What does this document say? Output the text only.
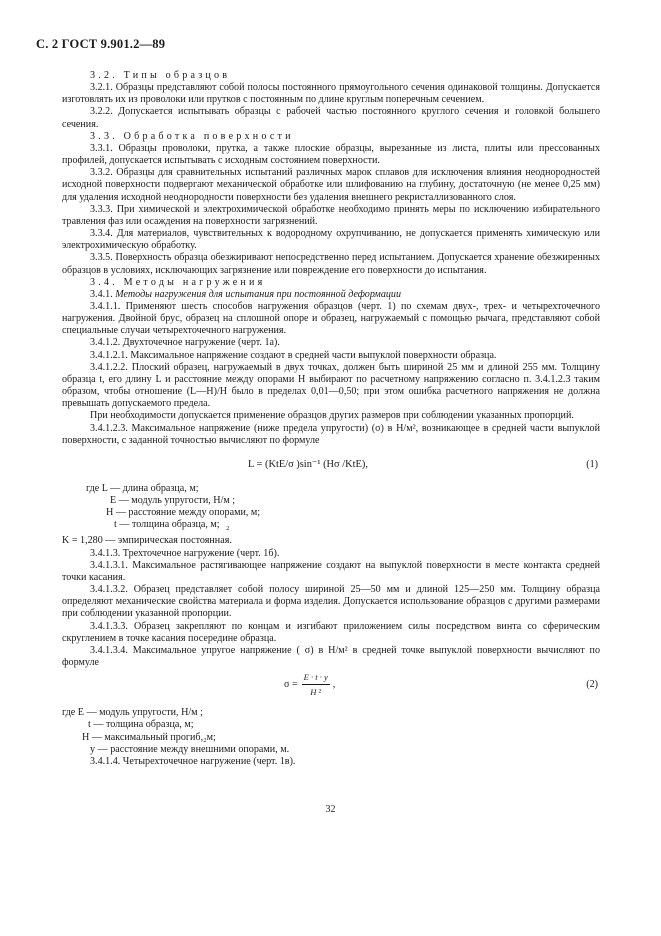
С. 2 ГОСТ 9.901.2—89

3.2. Типы образцов

3.2.1. Образцы представляют собой полосы постоянного прямоугольного сечения одинаковой толщины. Допускается изготовлять их из проволоки или прутков с постоянным по длине круглым поперечным сечением.

3.2.2. Допускается испытывать образцы с рабочей частью постоянного круглого сечения и головкой большего сечения.

3.3. Обработка поверхности

3.3.1. Образцы проволоки, прутка, а также плоские образцы, вырезанные из листа, плиты или прессованных профилей, допускается испытывать с исходным состоянием поверхности.

3.3.2. Образцы для сравнительных испытаний различных марок сплавов для исключения влияния неоднородностей исходной поверхности подвергают механической обработке или шлифованию на глубину, достаточную (не менее 0,25 мм) для удаления исходной неоднородности поверхности без удаления внешнего рекристаллизованного слоя.

3.3.3. При химической и электрохимической обработке необходимо принять меры по исключению избирательного травления фаз или осаждения на поверхности загрязнений.

3.3.4. Для материалов, чувствительных к водородному охрупчиванию, не допускается применять химическую или электрохимическую обработку.

3.3.5. Поверхность образца обезжиривают непосредственно перед испытанием. Допускается хранение обезжиренных образцов в условиях, исключающих загрязнение или повреждение его поверхности до испытания.

3.4. Методы нагружения

3.4.1. Методы нагружения для испытания при постоянной деформации

3.4.1.1. Применяют шесть способов нагружения образцов (черт. 1) по схемам двух-, трех- и четырехточечного нагружения. Двойной брус, образец на сплошной опоре и образец, нагружаемый с помощью рычага, представляют собой специальные случаи четырехточечного нагружения.

3.4.1.2. Двухточечное нагружение (черт. 1а).

3.4.1.2.1. Максимальное напряжение создают в средней части выпуклой поверхности образца.

3.4.1.2.2. Плоский образец, нагружаемый в двух точках, должен быть шириной 25 мм и длиной 255 мм. Толщину образца t, его длину L и расстояние между опорами H выбирают по расчетному напряжению согласно п. 3.4.1.2.3 таким образом, чтобы отношение (L—H)/H было в пределах 0,01—0,50; при этом ошибка расчетного напряжения не должна превышать допускаемого предела.

При необходимости допускается применение образцов других размеров при соблюдении указанных пропорций.

3.4.1.2.3. Максимальное напряжение (ниже предела упругости) (σ) в Н/м², возникающее в средней части выпуклой поверхности, с заданной точностью вычисляют по формуле

L = (KtE/σ )sin⁻¹ (Hσ /KtE),	(1)
где L — длина образца, м;
E — модуль упругости, Н/м ;
H — расстояние между опорами, м;
t — толщина образца, м; $_2$
K = 1,280 — эмпирическая постоянная.

3.4.1.3. Трехточечное нагружение (черт. 1б).

3.4.1.3.1. Максимальное растягивающее напряжение создают на выпуклой поверхности в месте контакта средней точки касания.

3.4.1.3.2. Образец представляет собой полосу шириной 25—50 мм и длиной 125—250 мм. Толщину образца определяют механические свойства материала и форма изделия. Допускается использование образцов с другими размерами при соблюдении указанной пропорции.

3.4.1.3.3. Образец закрепляют по концам и изгибают приложением силы посредством винта со сферическим скруглением в точке касания посередине образца.

3.4.1.3.4. Максимальное упругое напряжение ( σ) в Н/м² в средней точке выпуклой поверхности вычисляют по формуле

$\sigma = \frac{E \cdot t \cdot y}{\text{H ²}}$ ,	(2)
где E — модуль упругости, Н/м ;
t — толщина образца, м;
H — максимальный прогиб,₂м;
y — расстояние между внешними опорами, м.

3.4.1.4. Четырехточечное нагружение (черт. 1в).

32
